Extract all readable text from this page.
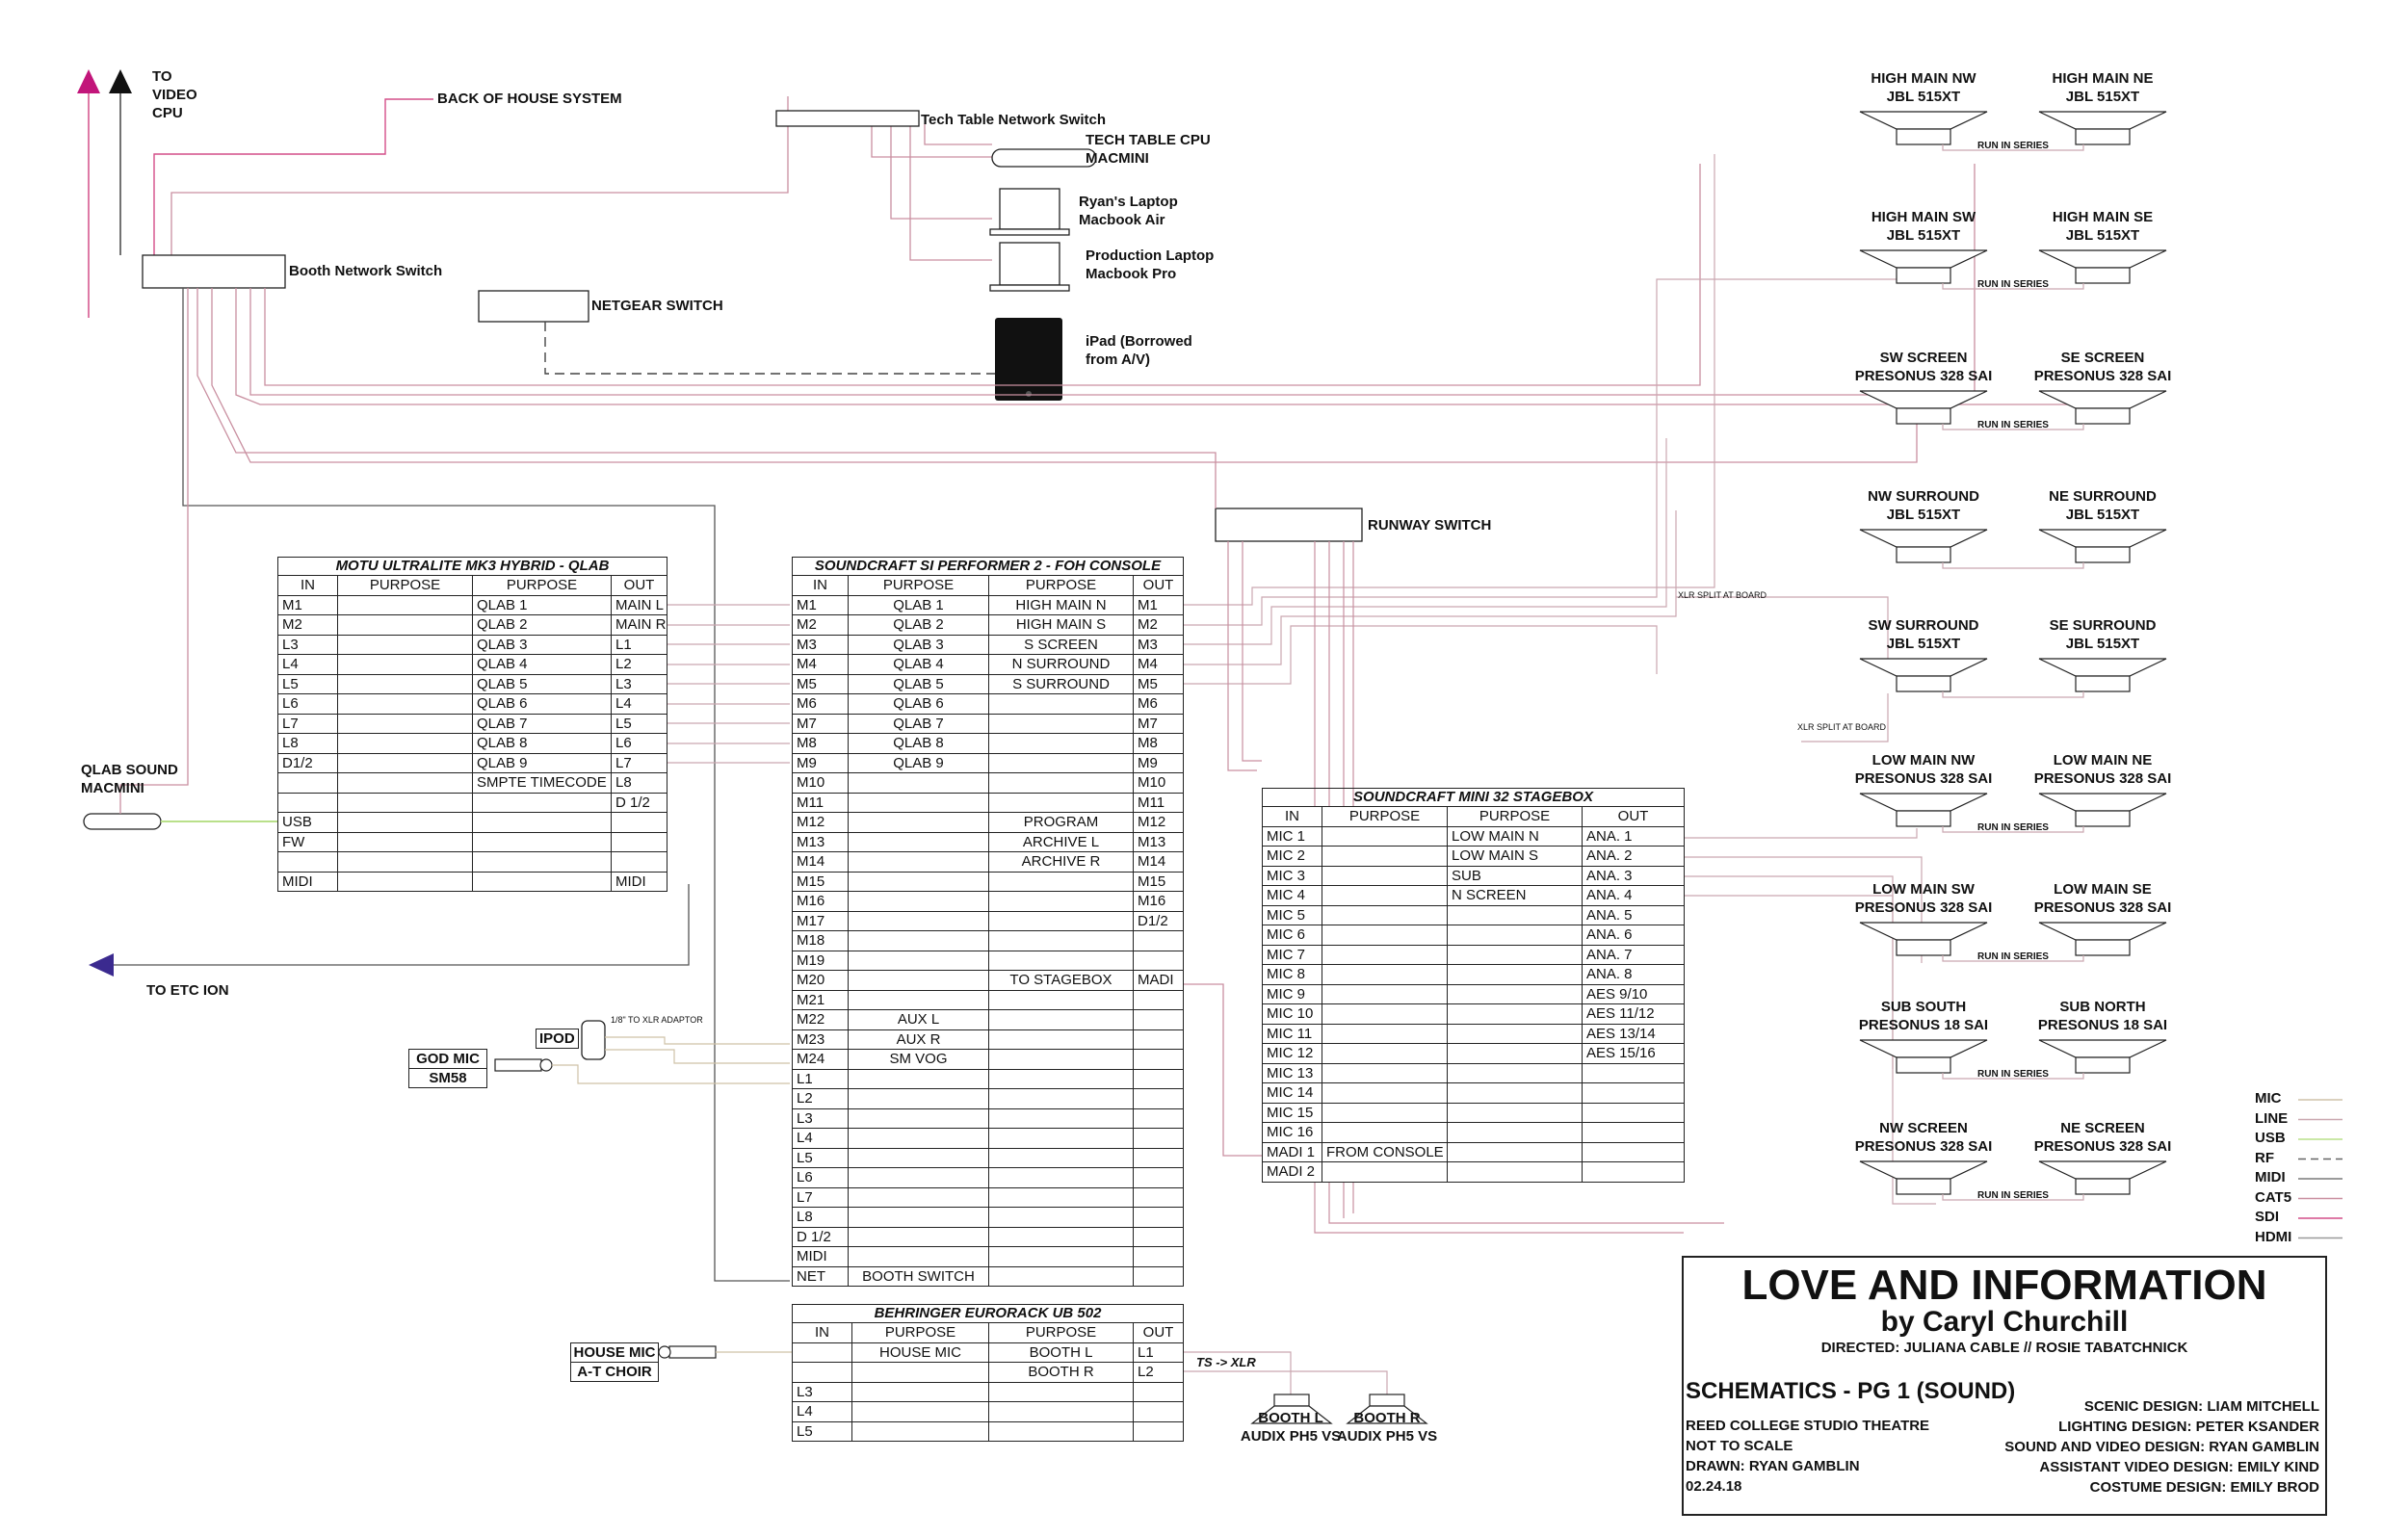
TO
VIDEO
CPU
BACK OF HOUSE SYSTEM
Tech Table Network Switch
TECH TABLE CPU
MACMINI
Ryan's Laptop
Macbook Air
Production Laptop
Macbook Pro
iPad (Borrowed
from A/V)
Booth Network Switch
NETGEAR SWITCH
RUNWAY SWITCH
QLAB SOUND
MACMINI
TO ETC ION
1/8" TO XLR ADAPTOR
IPOD
GOD MIC
SM58
HOUSE MIC
A-T CHOIR
TS -> XLR
BOOTH L
AUDIX PH5 VS
BOOTH R
AUDIX PH5 VS
XLR SPLIT AT BOARD
XLR SPLIT AT BOARD
HIGH MAIN NW
JBL 515XT
HIGH MAIN NE
JBL 515XT
RUN IN SERIES
HIGH MAIN SW
JBL 515XT
HIGH MAIN SE
JBL 515XT
RUN IN SERIES
SW SCREEN
PRESONUS 328 SAI
SE SCREEN
PRESONUS 328 SAI
RUN IN SERIES
NW SURROUND
JBL 515XT
NE SURROUND
JBL 515XT
SW SURROUND
JBL 515XT
SE SURROUND
JBL 515XT
LOW MAIN NW
PRESONUS 328 SAI
LOW MAIN NE
PRESONUS 328 SAI
RUN IN SERIES
LOW MAIN SW
PRESONUS 328 SAI
LOW MAIN SE
PRESONUS 328 SAI
RUN IN SERIES
SUB SOUTH
PRESONUS 18 SAI
SUB NORTH
PRESONUS 18 SAI
RUN IN SERIES
NW SCREEN
PRESONUS 328 SAI
NE SCREEN
PRESONUS 328 SAI
RUN IN SERIES
MOTU ULTRALITE MK3 HYBRID - QLAB
IN	PURPOSE	PURPOSE	OUT
M1		QLAB 1	MAIN L
M2		QLAB 2	MAIN R
L3		QLAB 3	L1
L4		QLAB 4	L2
L5		QLAB 5	L3
L6		QLAB 6	L4
L7		QLAB 7	L5
L8		QLAB 8	L6
D1/2		QLAB 9	L7
		SMPTE TIMECODE	L8
			D 1/2
USB			
FW			

MIDI			MIDI
SOUNDCRAFT SI PERFORMER 2 - FOH CONSOLE
IN	PURPOSE	PURPOSE	OUT
M1	QLAB 1	HIGH MAIN N	M1
M2	QLAB 2	HIGH MAIN S	M2
M3	QLAB 3	S SCREEN	M3
M4	QLAB 4	N SURROUND	M4
M5	QLAB 5	S SURROUND	M5
M6	QLAB 6		M6
M7	QLAB 7		M7
M8	QLAB 8		M8
M9	QLAB 9		M9
M10			M10
M11			M11
M12		PROGRAM	M12
M13		ARCHIVE L	M13
M14		ARCHIVE R	M14
M15			M15
M16			M16
M17			D1/2
M18			
M19			
M20		TO STAGEBOX	MADI
M21			
M22	AUX L		
M23	AUX R		
M24	SM VOG		
L1			
L2			
L3			
L4			
L5			
L6			
L7			
L8			
D 1/2			
MIDI			
NET	BOOTH SWITCH		
SOUNDCRAFT MINI 32 STAGEBOX
IN	PURPOSE	PURPOSE	OUT
MIC 1		LOW MAIN N	ANA. 1
MIC 2		LOW MAIN S	ANA. 2
MIC 3		SUB	ANA. 3
MIC 4		N SCREEN	ANA. 4
MIC 5			ANA. 5
MIC 6			ANA. 6
MIC 7			ANA. 7
MIC 8			ANA. 8
MIC 9			AES 9/10
MIC 10			AES 11/12
MIC 11			AES 13/14
MIC 12			AES 15/16
MIC 13			
MIC 14			
MIC 15			
MIC 16			
MADI 1	FROM CONSOLE		
MADI 2			
BEHRINGER EURORACK UB 502
IN	PURPOSE	PURPOSE	OUT
	HOUSE MIC	BOOTH L	L1
		BOOTH R	L2
L3			
L4			
L5			
MIC
LINE
USB
RF
MIDI
CAT5
SDI
HDMI
LOVE AND INFORMATION
by Caryl Churchill
DIRECTED: JULIANA CABLE // ROSIE TABATCHNICK
SCHEMATICS - PG 1 (SOUND)
REED COLLEGE STUDIO THEATRE
NOT TO SCALE
DRAWN: RYAN GAMBLIN
02.24.18
SCENIC DESIGN: LIAM MITCHELL
LIGHTING DESIGN: PETER KSANDER
SOUND AND VIDEO DESIGN: RYAN GAMBLIN
ASSISTANT VIDEO DESIGN: EMILY KIND
COSTUME DESIGN: EMILY BROD
